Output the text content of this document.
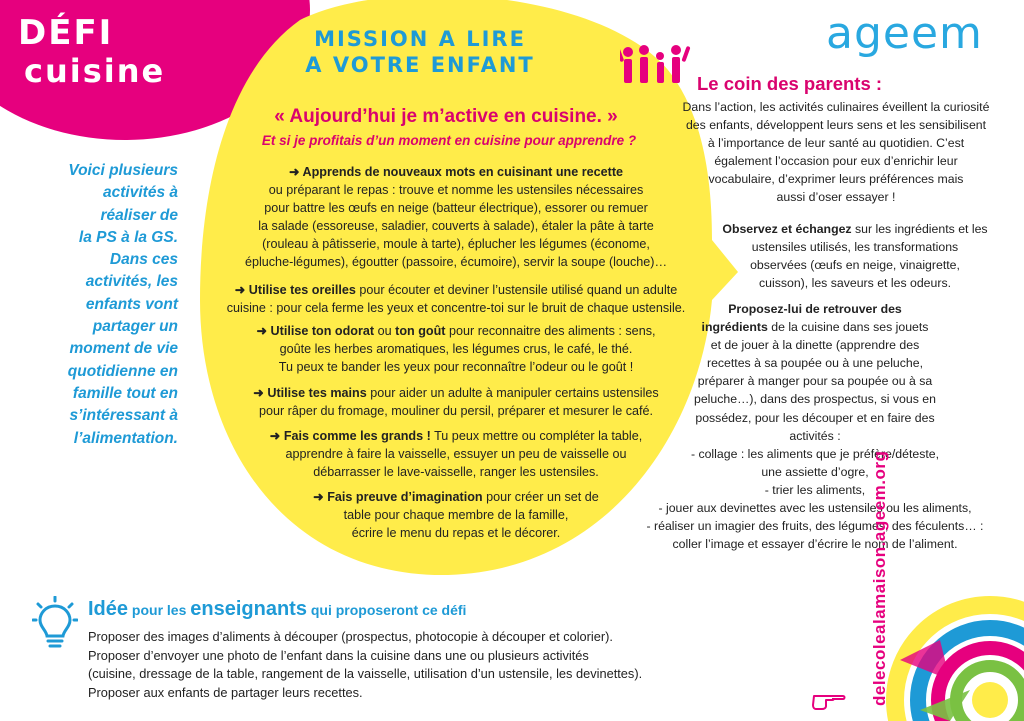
DÉFI
cuisine
MISSION A LIRE
A VOTRE ENFANT
« Aujourd’hui je m’active en cuisine. »
Et si je profitais d’un moment en cuisine pour apprendre ?
➜ Apprends de nouveaux mots en cuisinant une recette
ou préparant le repas : trouve et nomme les ustensiles nécessaires
pour battre les œufs en neige (batteur électrique), essorer ou remuer
la salade (essoreuse, saladier, couverts à salade), étaler la pâte à tarte
(rouleau à pâtisserie, moule à tarte), éplucher les légumes (économe,
épluche-légumes), égoutter (passoire, écumoire), servir la soupe (louche)…
➜ Utilise tes oreilles pour écouter et deviner l’ustensile utilisé quand un adulte
cuisine : pour cela ferme les yeux et concentre-toi sur le bruit de chaque ustensile.
➜ Utilise ton odorat ou ton goût pour reconnaitre des aliments : sens,
goûte les herbes aromatiques, les légumes crus, le café, le thé.
Tu peux te bander les yeux pour reconnaître l’odeur ou le goût !
➜ Utilise tes mains pour aider un adulte à manipuler certains ustensiles
pour râper du fromage, mouliner du persil, préparer et mesurer le café.
➜ Fais comme les grands ! Tu peux mettre ou compléter la table,
apprendre à faire la vaisselle, essuyer un peu de vaisselle ou
débarrasser le lave-vaisselle, ranger les ustensiles.
➜ Fais preuve d’imagination pour créer un set de
table pour chaque membre de la famille,
écrire le menu du repas et le décorer.
Voici plusieurs
activités à
réaliser de
la PS à la GS.
Dans ces
activités, les
enfants vont
partager un
moment de vie
quotidienne en
famille tout en
s’intéressant à
l’alimentation.
ageem
Le coin des parents :
Dans l’action, les activités culinaires éveillent la curiosité
des enfants, développent leurs sens et les sensibilisent
à l’importance de leur santé au quotidien. C’est
également l’occasion pour eux d’enrichir leur
vocabulaire, d’exprimer leurs préférences mais
aussi d’oser essayer !
Observez et échangez sur les ingrédients et les
ustensiles utilisés, les transformations
observées (œufs en neige, vinaigrette,
cuisson), les saveurs et les odeurs.
Proposez-lui de retrouver des
ingrédients de la cuisine dans ses jouets
et de jouer à la dinette (apprendre des
recettes à sa poupée ou à une peluche,
préparer à manger pour sa poupée ou à sa
peluche…), dans des prospectus, si vous en
possédez, pour les découper et en faire des
activités :
- collage : les aliments que je préfère/déteste,
une assiette d’ogre,
- trier les aliments,
- jouer aux devinettes avec les ustensiles ou les aliments,
- réaliser un imagier des fruits, des légumes, des féculents… :
coller l’image et essayer d’écrire le nom de l’aliment.
Idée pour les enseignants qui proposeront ce défi
Proposer des images d’aliments à découper (prospectus, photocopie à découper et colorier).
Proposer d’envoyer une photo de l’enfant dans la cuisine dans une ou plusieurs activités
(cuisine, dressage de la table, rangement de la vaisselle, utilisation d’un ustensile, les devinettes).
Proposer aux enfants de partager leurs recettes.	delecolealamaison.ageem.org
